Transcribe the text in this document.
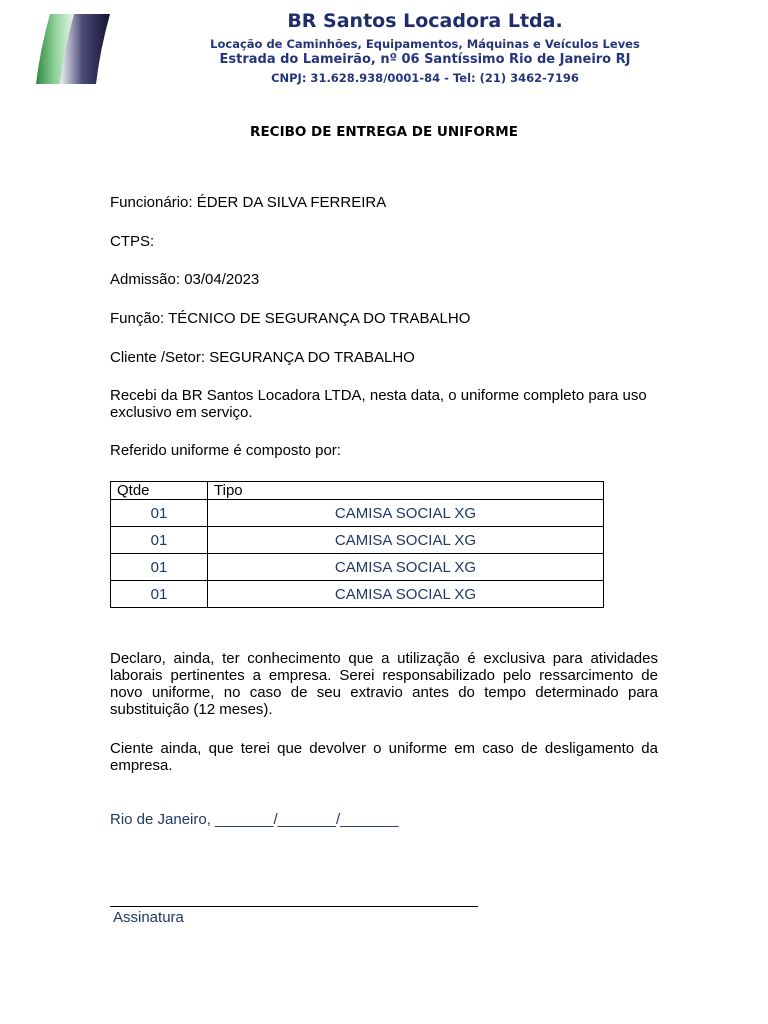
BR Santos Locadora Ltda.
Locação de Caminhões, Equipamentos, Máquinas e Veículos Leves
Estrada do Lameirão, nº 06 Santíssimo Rio de Janeiro RJ
CNPJ: 31.628.938/0001-84 - Tel: (21) 3462-7196
RECIBO DE ENTREGA DE UNIFORME
Funcionário: ÉDER DA SILVA FERREIRA
CTPS:
Admissão: 03/04/2023
Função: TÉCNICO DE SEGURANÇA DO TRABALHO
Cliente /Setor: SEGURANÇA DO TRABALHO
Recebi da BR Santos Locadora LTDA, nesta data, o uniforme completo para uso exclusivo em serviço.
Referido uniforme é composto por:
Qtde	Tipo
01	CAMISA SOCIAL XG
01	CAMISA SOCIAL XG
01	CAMISA SOCIAL XG
01	CAMISA SOCIAL XG
Declaro, ainda, ter conhecimento que a utilização é exclusiva para atividades laborais pertinentes a empresa. Serei responsabilizado pelo ressarcimento de novo uniforme, no caso de seu extravio antes do tempo determinado para substituição (12 meses).
Ciente ainda, que terei que devolver o uniforme em caso de desligamento da empresa.
Rio de Janeiro, _______/_______/_______
Assinatura
